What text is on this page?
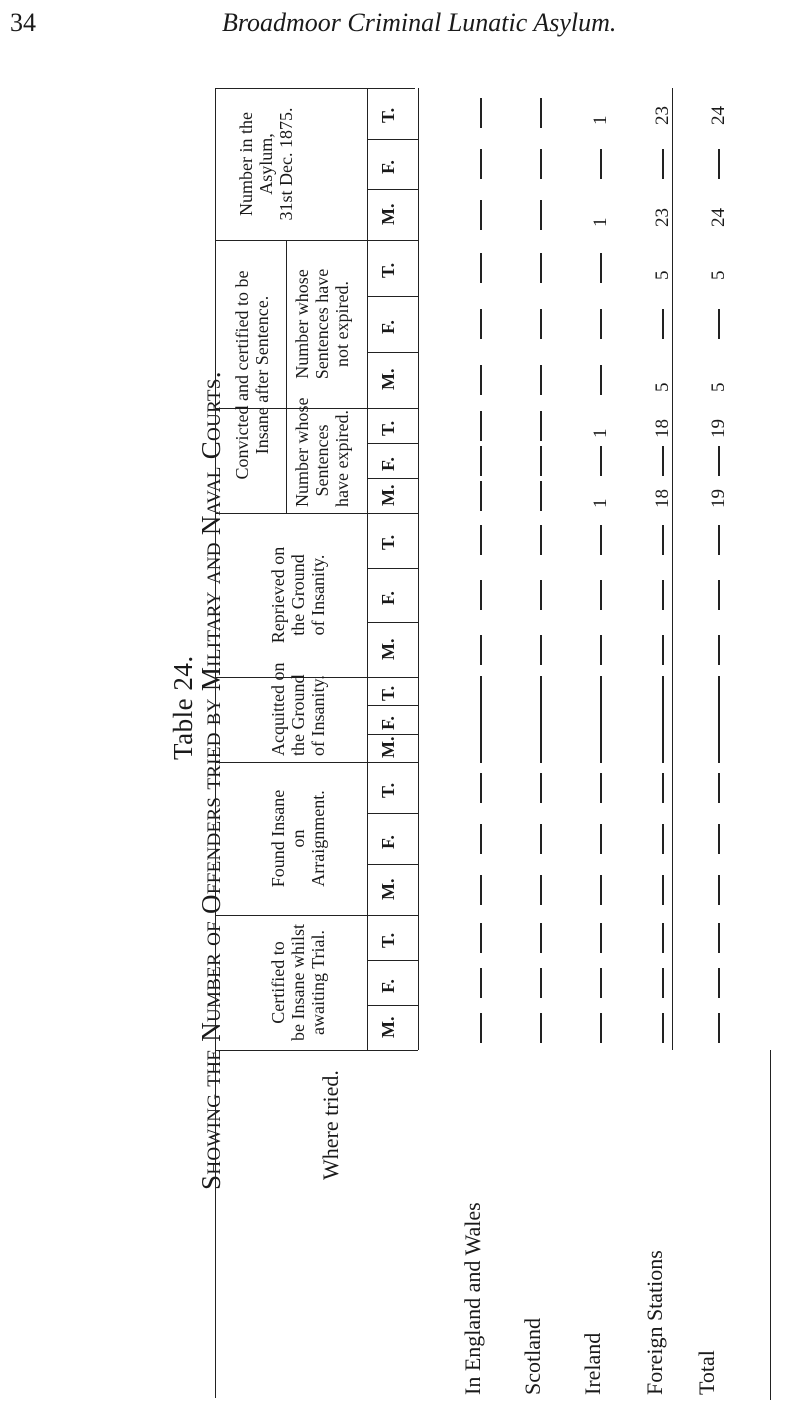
34	Broadmoor Criminal Lunatic Asylum.
Table 24.
Showing the Number of Offenders tried by Military and Naval Courts.
Number in the Asylum, 31st Dec. 1875.
Number whose Sentences have not expired.
Number whose Sentences have expired.
Reprieved on the Ground of Insanity.
Acquitted on the Ground of Insanity.
Found Insane on Arraignment.
Certified to be Insane whilst awaiting Trial.
Convicted and certified to be Insane after Sentence.
T.
F.
M.
T.
F.
M.
T.
F.
M.
T.
F.
M.
T.
F.
M.
T.
F.
M.
T.
F.
M.
1
1
1
1
23
23
5
5
18
18
24
24
5
5
19
19
In England and Wales Scotland Ireland Foreign Stations Total
Where tried.
